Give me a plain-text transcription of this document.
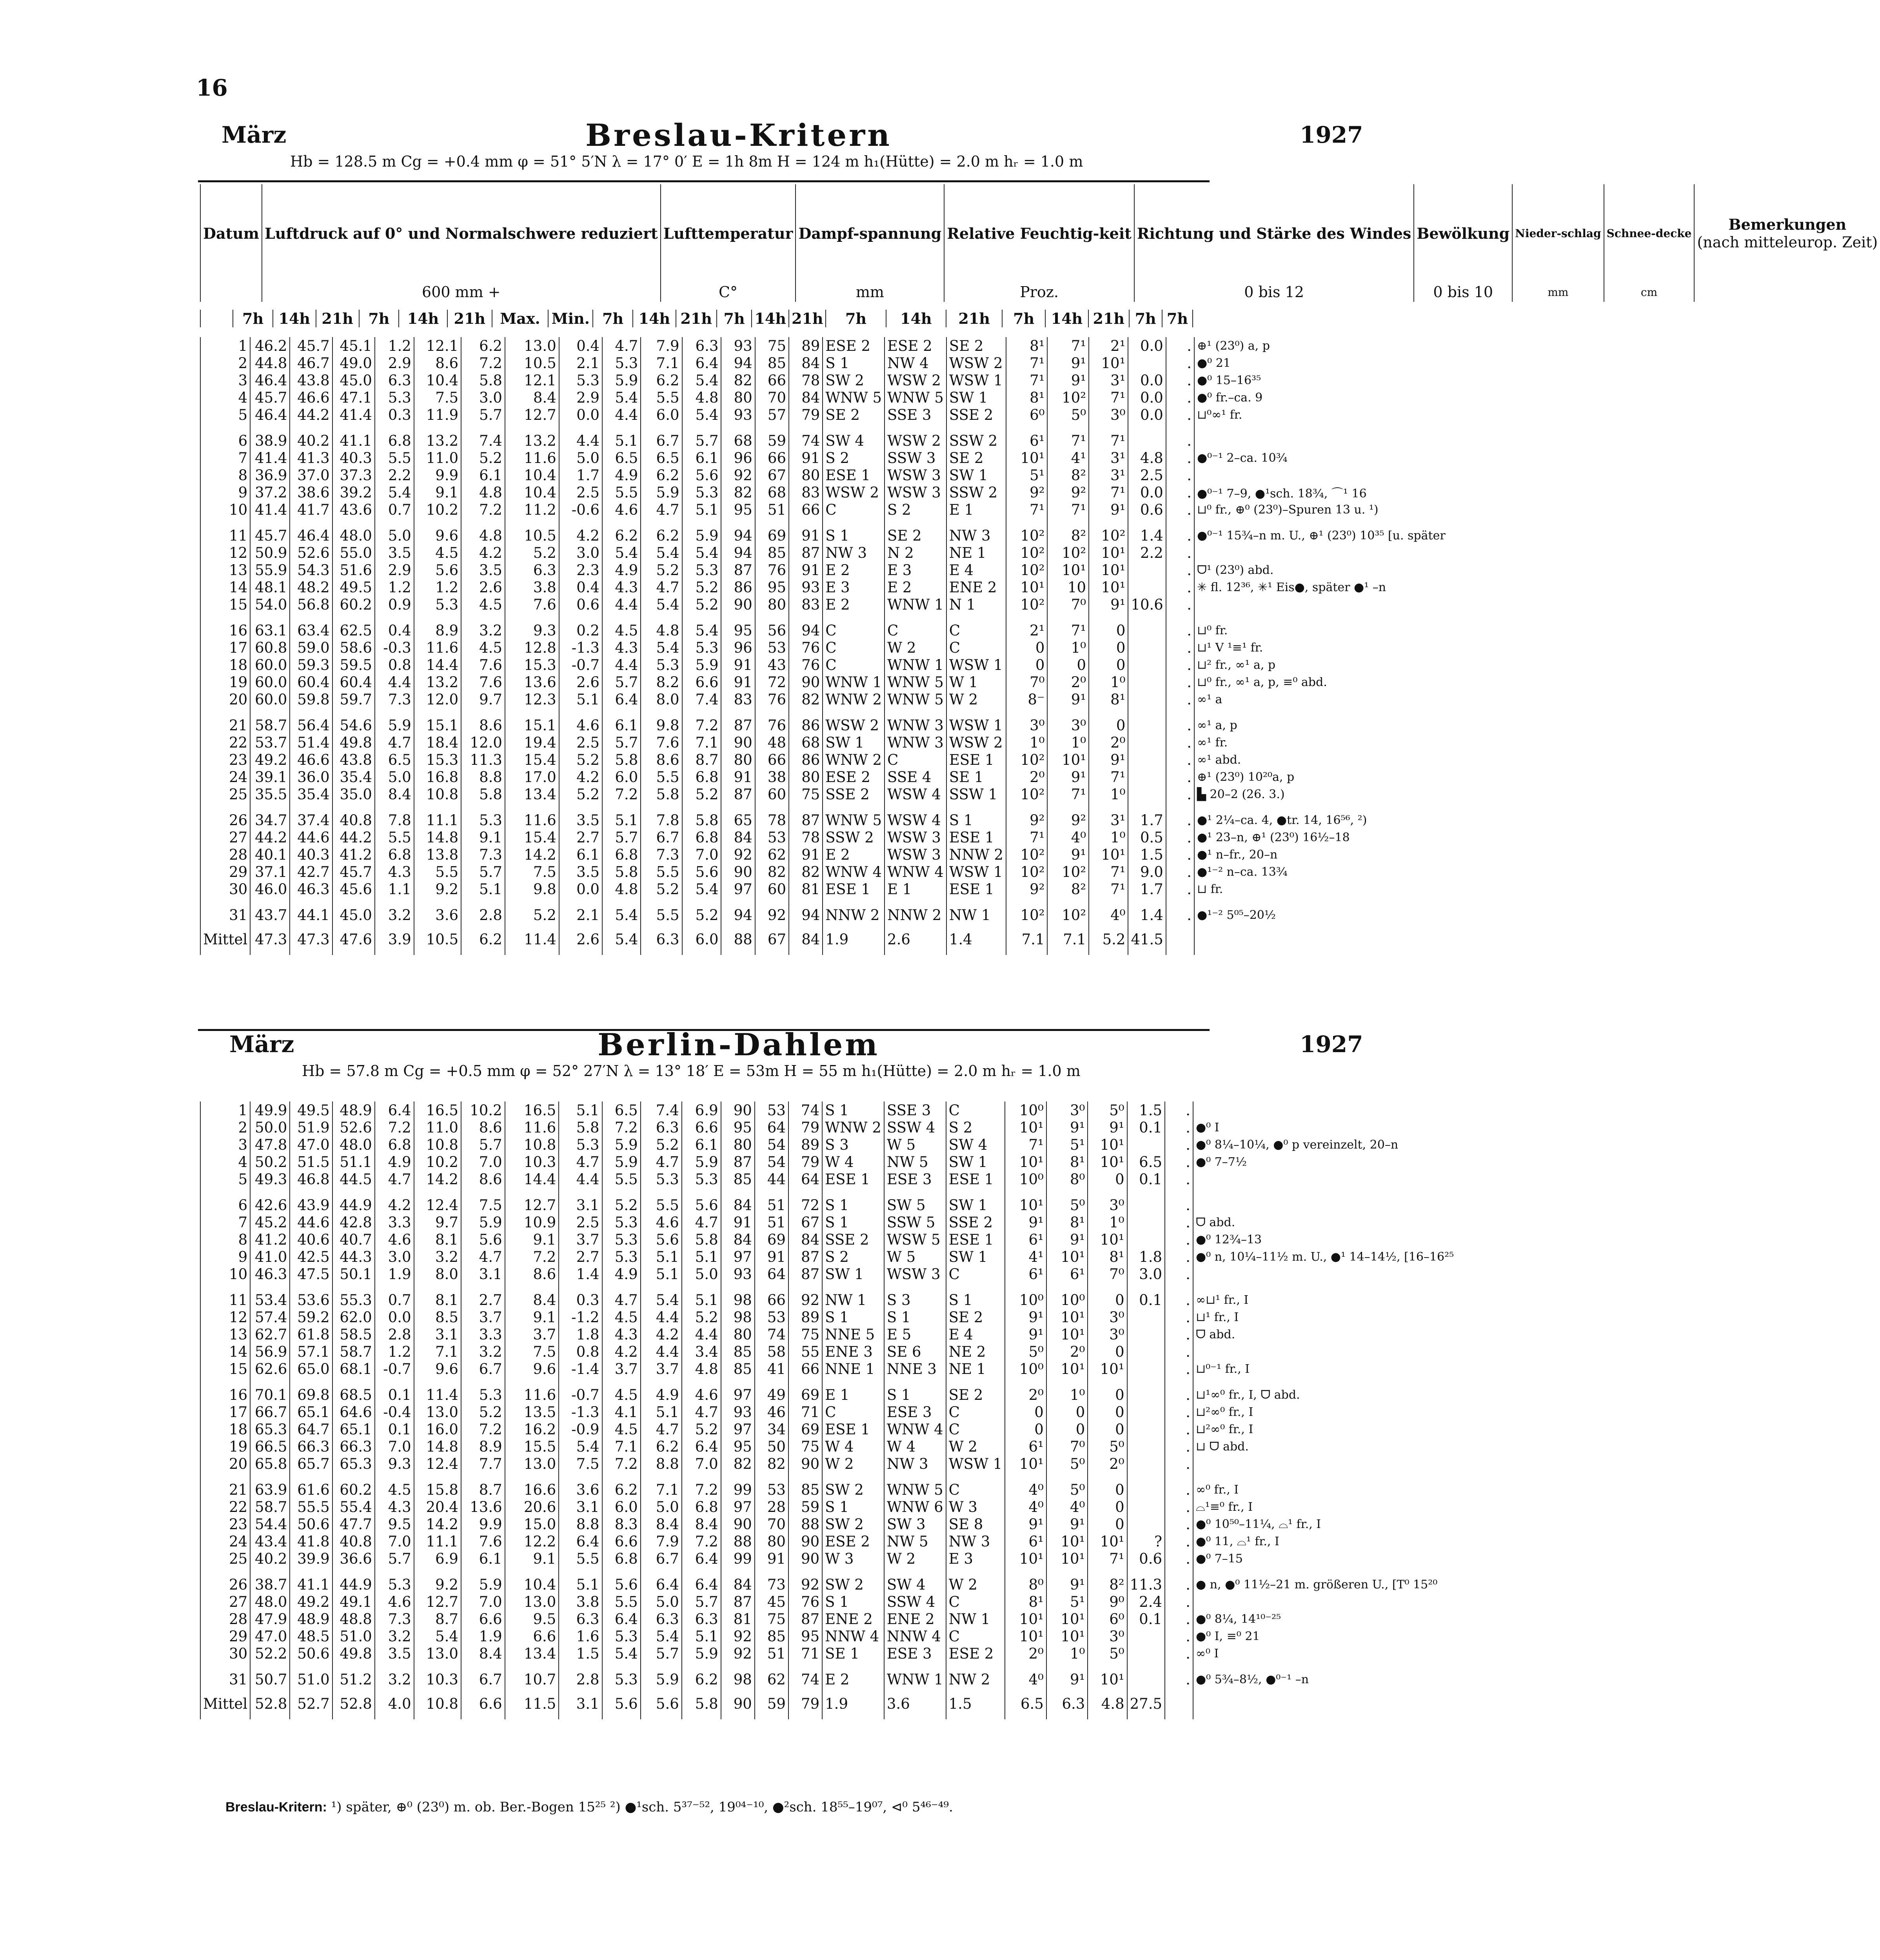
16
März	Breslau-Kritern	1927
Hb = 128.5 m Cg = +0.4 mm φ = 51° 5′N λ = 17° 0′ E = 1h 8m H = 124 m h₁(Hütte) = 2.0 m hᵣ = 1.0 m
Datum	Luftdruck auf 0° und Normalschwere reduziert	Lufttemperatur	Dampf-spannung	Relative Feuchtig-keit	Richtung und Stärke des Windes	Bewölkung	Nieder-schlag	Schnee-decke	Bemerkungen
(nach mitteleurop. Zeit)
	600 mm +	C°	mm	Proz.	0 bis 12	0 bis 10	mm	cm	
	7h	14h	21h	7h	14h	21h	Max.	Min.	7h	14h	21h	7h	14h	21h	7h	14h	21h	7h	14h	21h	7h	7h	
1	46.2	45.7	45.1	1.2	12.1	6.2	13.0	0.4	4.7	7.9	6.3	93	75	89	ESE 2	ESE 2	SE 2	8¹	7¹	2¹	0.0	.	⊕¹ (23⁰) a, p
2	44.8	46.7	49.0	2.9	8.6	7.2	10.5	2.1	5.3	7.1	6.4	94	85	84	S 1	NW 4	WSW 2	7¹	9¹	10¹		.	●⁰ 21
3	46.4	43.8	45.0	6.3	10.4	5.8	12.1	5.3	5.9	6.2	5.4	82	66	78	SW 2	WSW 2	WSW 1	7¹	9¹	3¹	0.0	.	●⁰ 15–16³⁵
4	45.7	46.6	47.1	5.3	7.5	3.0	8.4	2.9	5.4	5.5	4.8	80	70	84	WNW 5	WNW 5	SW 1	8¹	10²	7¹	0.0	.	●⁰ fr.–ca. 9
5	46.4	44.2	41.4	0.3	11.9	5.7	12.7	0.0	4.4	6.0	5.4	93	57	79	SE 2	SSE 3	SSE 2	6⁰	5⁰	3⁰	0.0	.	⊔⁰∞¹ fr.

6	38.9	40.2	41.1	6.8	13.2	7.4	13.2	4.4	5.1	6.7	5.7	68	59	74	SW 4	WSW 2	SSW 2	6¹	7¹	7¹		.	
7	41.4	41.3	40.3	5.5	11.0	5.2	11.6	5.0	6.5	6.5	6.1	96	66	91	S 2	SSW 3	SE 2	10¹	4¹	3¹	4.8	.	●⁰⁻¹ 2–ca. 10¾
8	36.9	37.0	37.3	2.2	9.9	6.1	10.4	1.7	4.9	6.2	5.6	92	67	80	ESE 1	WSW 3	SW 1	5¹	8²	3¹	2.5	.	
9	37.2	38.6	39.2	5.4	9.1	4.8	10.4	2.5	5.5	5.9	5.3	82	68	83	WSW 2	WSW 3	SSW 2	9²	9²	7¹	0.0	.	●⁰⁻¹ 7–9, ●¹sch. 18¾, ⌒¹ 16
10	41.4	41.7	43.6	0.7	10.2	7.2	11.2	-0.6	4.6	4.7	5.1	95	51	66	C	S 2	E 1	7¹	7¹	9¹	0.6	.	⊔⁰ fr., ⊕⁰ (23⁰)–Spuren 13 u. ¹)

11	45.7	46.4	48.0	5.0	9.6	4.8	10.5	4.2	6.2	6.2	5.9	94	69	91	S 1	SE 2	NW 3	10²	8²	10²	1.4	.	●⁰⁻¹ 15¾–n m. U., ⊕¹ (23⁰) 10³⁵ [u. später
12	50.9	52.6	55.0	3.5	4.5	4.2	5.2	3.0	5.4	5.4	5.4	94	85	87	NW 3	N 2	NE 1	10²	10²	10¹	2.2	.	
13	55.9	54.3	51.6	2.9	5.6	3.5	6.3	2.3	4.9	5.2	5.3	87	76	91	E 2	E 3	E 4	10²	10¹	10¹		.	ᗜ¹ (23⁰) abd.
14	48.1	48.2	49.5	1.2	1.2	2.6	3.8	0.4	4.3	4.7	5.2	86	95	93	E 3	E 2	ENE 2	10¹	10	10¹		.	✳ fl. 12³⁶, ✳¹ Eis●, später ●¹ –n
15	54.0	56.8	60.2	0.9	5.3	4.5	7.6	0.6	4.4	5.4	5.2	90	80	83	E 2	WNW 1	N 1	10²	7⁰	9¹	10.6	.	

16	63.1	63.4	62.5	0.4	8.9	3.2	9.3	0.2	4.5	4.8	5.4	95	56	94	C	C	C	2¹	7¹	0		.	⊔⁰ fr.
17	60.8	59.0	58.6	-0.3	11.6	4.5	12.8	-1.3	4.3	5.4	5.3	96	53	76	C	W 2	C	0	1⁰	0		.	⊔¹ V ¹≡¹ fr.
18	60.0	59.3	59.5	0.8	14.4	7.6	15.3	-0.7	4.4	5.3	5.9	91	43	76	C	WNW 1	WSW 1	0	0	0		.	⊔² fr., ∞¹ a, p
19	60.0	60.4	60.4	4.4	13.2	7.6	13.6	2.6	5.7	8.2	6.6	91	72	90	WNW 1	WNW 5	W 1	7⁰	2⁰	1⁰		.	⊔⁰ fr., ∞¹ a, p, ≡⁰ abd.
20	60.0	59.8	59.7	7.3	12.0	9.7	12.3	5.1	6.4	8.0	7.4	83	76	82	WNW 2	WNW 5	W 2	8⁻	9¹	8¹		.	∞¹ a

21	58.7	56.4	54.6	5.9	15.1	8.6	15.1	4.6	6.1	9.8	7.2	87	76	86	WSW 2	WNW 3	WSW 1	3⁰	3⁰	0		.	∞¹ a, p
22	53.7	51.4	49.8	4.7	18.4	12.0	19.4	2.5	5.7	7.6	7.1	90	48	68	SW 1	WNW 3	WSW 2	1⁰	1⁰	2⁰		.	∞¹ fr.
23	49.2	46.6	43.8	6.5	15.3	11.3	15.4	5.2	5.8	8.6	8.7	80	66	86	WNW 2	C	ESE 1	10²	10¹	9¹		.	∞¹ abd.
24	39.1	36.0	35.4	5.0	16.8	8.8	17.0	4.2	6.0	5.5	6.8	91	38	80	ESE 2	SSE 4	SE 1	2⁰	9¹	7¹		.	⊕¹ (23⁰) 10²⁰a, p
25	35.5	35.4	35.0	8.4	10.8	5.8	13.4	5.2	7.2	5.8	5.2	87	60	75	SSE 2	WSW 4	SSW 1	10²	7¹	1⁰		.	▙ 20–2 (26. 3.)

26	34.7	37.4	40.8	7.8	11.1	5.3	11.6	3.5	5.1	7.8	5.8	65	78	87	WNW 5	WSW 4	S 1	9²	9²	3¹	1.7	.	●¹ 2¼–ca. 4, ●tr. 14, 16⁵⁶, ²)
27	44.2	44.6	44.2	5.5	14.8	9.1	15.4	2.7	5.7	6.7	6.8	84	53	78	SSW 2	WSW 3	ESE 1	7¹	4⁰	1⁰	0.5	.	●¹ 23–n, ⊕¹ (23⁰) 16½–18
28	40.1	40.3	41.2	6.8	13.8	7.3	14.2	6.1	6.8	7.3	7.0	92	62	91	E 2	WSW 3	NNW 2	10²	9¹	10¹	1.5	.	●¹ n–fr., 20–n
29	37.1	42.7	45.7	4.3	5.5	5.7	7.5	3.5	5.8	5.5	5.6	90	82	82	WNW 4	WNW 4	WSW 1	10²	10²	7¹	9.0	.	●¹⁻² n–ca. 13¾
30	46.0	46.3	45.6	1.1	9.2	5.1	9.8	0.0	4.8	5.2	5.4	97	60	81	ESE 1	E 1	ESE 1	9²	8²	7¹	1.7	.	⊔ fr.

31	43.7	44.1	45.0	3.2	3.6	2.8	5.2	2.1	5.4	5.5	5.2	94	92	94	NNW 2	NNW 2	NW 1	10²	10²	4⁰	1.4	.	●¹⁻² 5⁰⁵–20½
Mittel	47.3	47.3	47.6	3.9	10.5	6.2	11.4	2.6	5.4	6.3	6.0	88	67	84	1.9	2.6	1.4	7.1	7.1	5.2	41.5		
März	Berlin-Dahlem	1927
Hb = 57.8 m Cg = +0.5 mm φ = 52° 27′N λ = 13° 18′ E = 53m H = 55 m h₁(Hütte) = 2.0 m hᵣ = 1.0 m
1	49.9	49.5	48.9	6.4	16.5	10.2	16.5	5.1	6.5	7.4	6.9	90	53	74	S 1	SSE 3	C	10⁰	3⁰	5⁰	1.5	.	
2	50.0	51.9	52.6	7.2	11.0	8.6	11.6	5.8	7.2	6.3	6.6	95	64	79	WNW 2	SSW 4	S 2	10¹	9¹	9¹	0.1	.	●⁰ I
3	47.8	47.0	48.0	6.8	10.8	5.7	10.8	5.3	5.9	5.2	6.1	80	54	89	S 3	W 5	SW 4	7¹	5¹	10¹		.	●⁰ 8¼–10¼, ●⁰ p vereinzelt, 20–n
4	50.2	51.5	51.1	4.9	10.2	7.0	10.3	4.7	5.9	4.7	5.9	87	54	79	W 4	NW 5	SW 1	10¹	8¹	10¹	6.5	.	●⁰ 7–7½
5	49.3	46.8	44.5	4.7	14.2	8.6	14.4	4.4	5.5	5.3	5.3	85	44	64	ESE 1	ESE 3	ESE 1	10⁰	8⁰	0	0.1	.	

6	42.6	43.9	44.9	4.2	12.4	7.5	12.7	3.1	5.2	5.5	5.6	84	51	72	S 1	SW 5	SW 1	10¹	5⁰	3⁰		.	
7	45.2	44.6	42.8	3.3	9.7	5.9	10.9	2.5	5.3	4.6	4.7	91	51	67	S 1	SSW 5	SSE 2	9¹	8¹	1⁰		.	ᗜ abd.
8	41.2	40.6	40.7	4.6	8.1	5.6	9.1	3.7	5.3	5.6	5.8	84	69	84	SSE 2	WSW 5	ESE 1	6¹	9¹	10¹		.	●⁰ 12¾–13
9	41.0	42.5	44.3	3.0	3.2	4.7	7.2	2.7	5.3	5.1	5.1	97	91	87	S 2	W 5	SW 1	4¹	10¹	8¹	1.8	.	●⁰ n, 10¼–11½ m. U., ●¹ 14–14½, [16–16²⁵
10	46.3	47.5	50.1	1.9	8.0	3.1	8.6	1.4	4.9	5.1	5.0	93	64	87	SW 1	WSW 3	C	6¹	6¹	7⁰	3.0	.	

11	53.4	53.6	55.3	0.7	8.1	2.7	8.4	0.3	4.7	5.4	5.1	98	66	92	NW 1	S 3	S 1	10⁰	10⁰	0	0.1	.	∞⊔¹ fr., I
12	57.4	59.2	62.0	0.0	8.5	3.7	9.1	-1.2	4.5	4.4	5.2	98	53	89	S 1	S 1	SE 2	9¹	10¹	3⁰		.	⊔¹ fr., I
13	62.7	61.8	58.5	2.8	3.1	3.3	3.7	1.8	4.3	4.2	4.4	80	74	75	NNE 5	E 5	E 4	9¹	10¹	3⁰		.	ᗜ abd.
14	56.9	57.1	58.7	1.2	7.1	3.2	7.5	0.8	4.2	4.4	3.4	85	58	55	ENE 3	SE 6	NE 2	5⁰	2⁰	0		.	
15	62.6	65.0	68.1	-0.7	9.6	6.7	9.6	-1.4	3.7	3.7	4.8	85	41	66	NNE 1	NNE 3	NE 1	10⁰	10¹	10¹		.	⊔⁰⁻¹ fr., I

16	70.1	69.8	68.5	0.1	11.4	5.3	11.6	-0.7	4.5	4.9	4.6	97	49	69	E 1	S 1	SE 2	2⁰	1⁰	0		.	⊔¹∞⁰ fr., I, ᗜ abd.
17	66.7	65.1	64.6	-0.4	13.0	5.2	13.5	-1.3	4.1	5.1	4.7	93	46	71	C	ESE 3	C	0	0	0		.	⊔²∞⁰ fr., I
18	65.3	64.7	65.1	0.1	16.0	7.2	16.2	-0.9	4.5	4.7	5.2	97	34	69	ESE 1	WNW 4	C	0	0	0		.	⊔²∞⁰ fr., I
19	66.5	66.3	66.3	7.0	14.8	8.9	15.5	5.4	7.1	6.2	6.4	95	50	75	W 4	W 4	W 2	6¹	7⁰	5⁰		.	⊔ ᗜ abd.
20	65.8	65.7	65.3	9.3	12.4	7.7	13.0	7.5	7.2	8.8	7.0	82	82	90	W 2	NW 3	WSW 1	10¹	5⁰	2⁰		.	

21	63.9	61.6	60.2	4.5	15.8	8.7	16.6	3.6	6.2	7.1	7.2	99	53	85	SW 2	WNW 5	C	4⁰	5⁰	0		.	∞⁰ fr., I
22	58.7	55.5	55.4	4.3	20.4	13.6	20.6	3.1	6.0	5.0	6.8	97	28	59	S 1	WNW 6	W 3	4⁰	4⁰	0		.	⌓¹≡⁰ fr., I
23	54.4	50.6	47.7	9.5	14.2	9.9	15.0	8.8	8.3	8.4	8.4	90	70	88	SW 2	SW 3	SE 8	9¹	9¹	0		.	●⁰ 10⁵⁰–11¼, ⌓¹ fr., I
24	43.4	41.8	40.8	7.0	11.1	7.6	12.2	6.4	6.6	7.9	7.2	88	80	90	ESE 2	NW 5	NW 3	6¹	10¹	10¹	?	.	●⁰ 11, ⌓¹ fr., I
25	40.2	39.9	36.6	5.7	6.9	6.1	9.1	5.5	6.8	6.7	6.4	99	91	90	W 3	W 2	E 3	10¹	10¹	7¹	0.6	.	●⁰ 7–15

26	38.7	41.1	44.9	5.3	9.2	5.9	10.4	5.1	5.6	6.4	6.4	84	73	92	SW 2	SW 4	W 2	8⁰	9¹	8²	11.3	.	● n, ●⁰ 11½–21 m. größeren U., [T⁰ 15²⁰
27	48.0	49.2	49.1	4.6	12.7	7.0	13.0	3.8	5.5	5.0	5.7	87	45	76	S 1	SSW 4	C	8¹	5¹	9⁰	2.4	.	
28	47.9	48.9	48.8	7.3	8.7	6.6	9.5	6.3	6.4	6.3	6.3	81	75	87	ENE 2	ENE 2	NW 1	10¹	10¹	6⁰	0.1	.	●⁰ 8¼, 14¹⁰⁻²⁵
29	47.0	48.5	51.0	3.2	5.4	1.9	6.6	1.6	5.3	5.4	5.1	92	85	95	NNW 4	NNW 4	C	10¹	10¹	3⁰		.	●⁰ I, ≡⁰ 21
30	52.2	50.6	49.8	3.5	13.0	8.4	13.4	1.5	5.4	5.7	5.9	92	51	71	SE 1	ESE 3	ESE 2	2⁰	1⁰	5⁰		.	∞⁰ I

31	50.7	51.0	51.2	3.2	10.3	6.7	10.7	2.8	5.3	5.9	6.2	98	62	74	E 2	WNW 1	NW 2	4⁰	9¹	10¹		.	●⁰ 5¾–8½, ●⁰⁻¹ –n
Mittel	52.8	52.7	52.8	4.0	10.8	6.6	11.5	3.1	5.6	5.6	5.8	90	59	79	1.9	3.6	1.5	6.5	6.3	4.8	27.5		
Breslau-Kritern: ¹) später, ⊕⁰ (23⁰) m. ob. Ber.-Bogen 15²⁵ ²) ●¹sch. 5³⁷⁻⁵², 19⁰⁴⁻¹⁰, ●²sch. 18⁵⁵–19⁰⁷, ⊲⁰ 5⁴⁶⁻⁴⁹.
